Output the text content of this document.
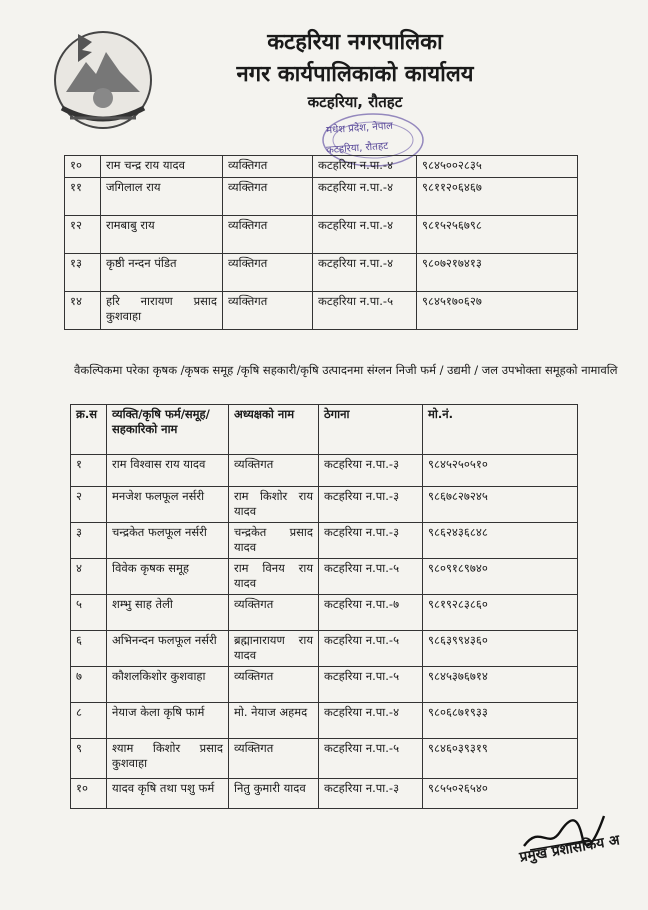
कटहरिया नगरपालिका
नगर कार्यपालिकाको कार्यालय
कटहरिया, रौतहट
मधेश प्रदेश, नेपाल
कटहरिया, रौतहट
१०	राम चन्द्र राय यादव	व्यक्तिगत	कटहरिया न.पा.-४	९८४५००२८३५
११	जगिलाल राय	व्यक्तिगत	कटहरिया न.पा.-४	९८११२०६४६७
१२	रामबाबु राय	व्यक्तिगत	कटहरिया न.पा.-४	९८१५२५६७९८
१३	कृष्ठी नन्दन पंडित	व्यक्तिगत	कटहरिया न.पा.-४	९८०७२१७४१३
१४	हरि नारायण प्रसाद कुशवाहा	व्यक्तिगत	कटहरिया न.पा.-५	९८४५१७०६२७
वैकल्पिकमा परेका कृषक /कृषक समूह /कृषि सहकारी/कृषि उत्पादनमा संग्लन निजी फर्म / उद्यमी / जल उपभोक्ता समूहको नामावलि
क्र.स	व्यक्ति/कृषि फर्म/समूह/सहकारिको नाम	अध्यक्षको नाम	ठेगाना	मो.नं.
१	राम विश्वास राय यादव	व्यक्तिगत	कटहरिया न.पा.-३	९८४५२५०५१०
२	मनजेश फलफूल नर्सरी	राम किशोर राय यादव	कटहरिया न.पा.-३	९८६७८२७२४५
३	चन्द्रकेत फलफूल नर्सरी	चन्द्रकेत प्रसाद यादव	कटहरिया न.पा.-३	९८६२४३६८४८
४	विवेक कृषक समूह	राम विनय राय यादव	कटहरिया न.पा.-५	९८०९१८९७४०
५	शम्भु साह तेली	व्यक्तिगत	कटहरिया न.पा.-७	९८१९२८३८६०
६	अभिनन्दन फलफूल नर्सरी	ब्रह्मानारायण राय यादव	कटहरिया न.पा.-५	९८६३९९४३६०
७	कौशलकिशोर कुशवाहा	व्यक्तिगत	कटहरिया न.पा.-५	९८४५३७६७१४
८	नेयाज केला कृषि फार्म	मो. नेयाज अहमद	कटहरिया न.पा.-४	९८०६८७१९३३
९	श्याम किशोर प्रसाद कुशवाहा	व्यक्तिगत	कटहरिया न.पा.-५	९८४६०३९३१९
१०	यादव कृषि तथा पशु फर्म	नितु कुमारी यादव	कटहरिया न.पा.-३	९८५५०२६५४०
प्रमुख प्रशासकिय अ
